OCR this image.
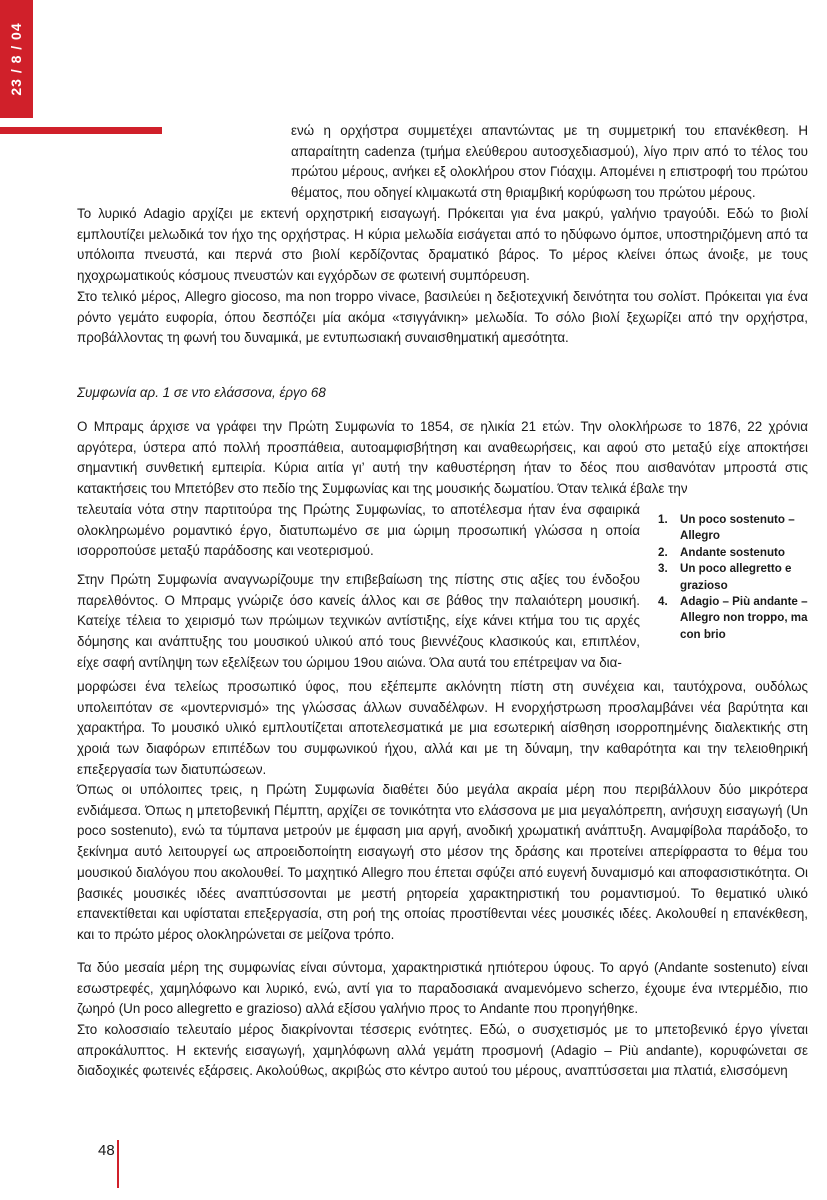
23 / 8 / 04

ενώ η ορχήστρα συμμετέχει απαντώντας με τη συμμετρική του επανέκθεση. Η απαραίτητη cadenza (τμήμα ελεύθερου αυτοσχεδιασμού), λίγο πριν από το τέλος του πρώτου μέρους, ανήκει εξ ολοκλήρου στον Γιόαχιμ. Απομένει η επιστροφή του πρώτου θέματος, που οδηγεί κλιμακωτά στη θριαμβική κορύφωση του πρώτου μέρους.

Το λυρικό Adagio αρχίζει με εκτενή ορχηστρική εισαγωγή. Πρόκειται για ένα μακρύ, γαλήνιο τραγούδι. Εδώ το βιολί εμπλουτίζει μελωδικά τον ήχο της ορχήστρας. Η κύρια μελωδία εισάγεται από το ηδύφωνο όμποε, υποστηριζόμενη από τα υπόλοιπα πνευστά, και περνά στο βιολί κερδίζοντας δραματικό βάρος. Το μέρος κλείνει όπως άνοιξε, με τους ηχοχρωματικούς κόσμους πνευστών και εγχόρδων σε φωτεινή συμπόρευση.

Στο τελικό μέρος, Allegro giocoso, ma non troppo vivace, βασιλεύει η δεξιοτεχνική δεινότητα του σολίστ. Πρόκειται για ένα ρόντο γεμάτο ευφορία, όπου δεσπόζει μία ακόμα «τσιγγάνικη» μελωδία. Το σόλο βιολί ξεχωρίζει από την ορχήστρα, προβάλλοντας τη φωνή του δυναμικά, με εντυπωσιακή συναισθηματική αμεσότητα.

Συμφωνία αρ. 1 σε ντο ελάσσονα, έργο 68

Ο Μπραμς άρχισε να γράφει την Πρώτη Συμφωνία το 1854, σε ηλικία 21 ετών. Την ολοκλήρωσε το 1876, 22 χρόνια αργότερα, ύστερα από πολλή προσπάθεια, αυτοαμφισβήτηση και αναθεωρήσεις, και αφού στο μεταξύ είχε αποκτήσει σημαντική συνθετική εμπειρία. Κύρια αιτία γι’ αυτή την καθυστέρηση ήταν το δέος που αισθανόταν μπροστά στις κατακτήσεις του Μπετόβεν στο πεδίο της Συμφωνίας και της μουσικής δωματίου. Όταν τελικά έβαλε την

τελευταία νότα στην παρτιτούρα της Πρώτης Συμφωνίας, το αποτέλεσμα ήταν ένα σφαιρικά ολοκληρωμένο ρομαντικό έργο, διατυπωμένο σε μια ώριμη προσωπική γλώσσα η οποία ισορροπούσε μεταξύ παράδοσης και νεοτερισμού.

Στην Πρώτη Συμφωνία αναγνωρίζουμε την επιβεβαίωση της πίστης στις αξίες του ένδοξου παρελθόντος. Ο Μπραμς γνώριζε όσο κανείς άλλος και σε βάθος την παλαιότερη μουσική. Κατείχε τέλεια το χειρισμό των πρώιμων τεχνικών αντίστιξης, είχε κάνει κτήμα του τις αρχές δόμησης και ανάπτυξης του μουσικού υλικού από τους βιεννέζους κλασικούς και, επιπλέον, είχε σαφή αντίληψη των εξελίξεων του ώριμου 19ου αιώνα. Όλα αυτά του επέτρεψαν να δια-

μορφώσει ένα τελείως προσωπικό ύφος, που εξέπεμπε ακλόνητη πίστη στη συνέχεια και, ταυτόχρονα, ουδόλως υπολειπόταν σε «μοντερνισμό» της γλώσσας άλλων συναδέλφων. Η ενορχήστρωση προσλαμβάνει νέα βαρύτητα και χαρακτήρα. Το μουσικό υλικό εμπλουτίζεται αποτελεσματικά με μια εσωτερική αίσθηση ισορροπημένης διαλεκτικής στη χροιά των διαφόρων επιπέδων του συμφωνικού ήχου, αλλά και με τη δύναμη, την καθαρότητα και την τελειοθηρική επεξεργασία των διατυπώσεων.

Όπως οι υπόλοιπες τρεις, η Πρώτη Συμφωνία διαθέτει δύο μεγάλα ακραία μέρη που περιβάλλουν δύο μικρότερα ενδιάμεσα. Όπως η μπετοβενική Πέμπτη, αρχίζει σε τονικότητα ντο ελάσσονα με μια μεγαλόπρεπη, ανήσυχη εισαγωγή (Un poco sostenuto), ενώ τα τύμπανα μετρούν με έμφαση μια αργή, ανοδική χρωματική ανάπτυξη. Αναμφίβολα παράδοξο, το ξεκίνημα αυτό λειτουργεί ως απροειδοποίητη εισαγωγή στο μέσον της δράσης και προτείνει απερίφραστα το θέμα του μουσικού διαλόγου που ακολουθεί. Το μαχητικό Allegro που έπεται σφύζει από ευγενή δυναμισμό και αποφασιστικότητα. Οι βασικές μουσικές ιδέες αναπτύσσονται με μεστή ρητορεία χαρακτηριστική του ρομαντισμού. Το θεματικό υλικό επανεκτίθεται και υφίσταται επεξεργασία, στη ροή της οποίας προστίθενται νέες μουσικές ιδέες. Ακολουθεί η επανέκθεση, και το πρώτο μέρος ολοκληρώνεται σε μείζονα τρόπο.

Τα δύο μεσαία μέρη της συμφωνίας είναι σύντομα, χαρακτηριστικά ηπιότερου ύφους. Το αργό (Andante sostenuto) είναι εσωστρεφές, χαμηλόφωνο και λυρικό, ενώ, αντί για το παραδοσιακά αναμενόμενο scherzo, έχουμε ένα ιντερμέδιο, πιο ζωηρό (Un poco allegretto e grazioso) αλλά εξίσου γαλήνιο προς το Andante που προηγήθηκε.

Στο κολοσσιαίο τελευταίο μέρος διακρίνονται τέσσερις ενότητες. Εδώ, ο συσχετισμός με το μπετοβενικό έργο γίνεται απροκάλυπτος. Η εκτενής εισαγωγή, χαμηλόφωνη αλλά γεμάτη προσμονή (Adagio – Più andante), κορυφώνεται σε διαδοχικές φωτεινές εξάρσεις. Ακολούθως, ακριβώς στο κέντρο αυτού του μέρους, αναπτύσσεται μια πλατιά, ελισσόμενη

1. Un poco sostenuto – Allegro
2. Andante sostenuto
3. Un poco allegretto e grazioso
4. Adagio – Più andante – Allegro non troppo, ma con brio
48
